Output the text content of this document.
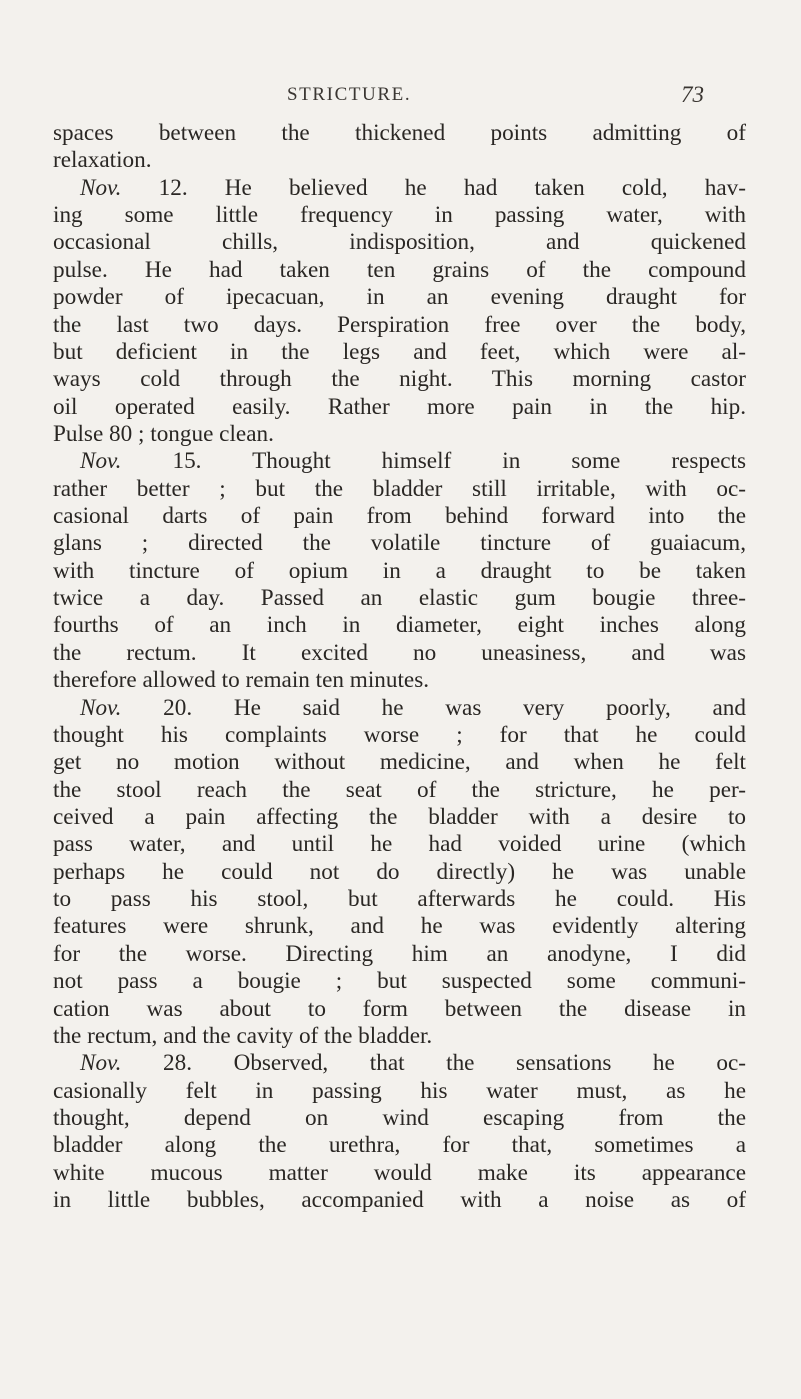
STRICTURE.	73
spaces between the thickened points admitting of
relaxation.
Nov. 12. He believed he had taken cold, hav-
ing some little frequency in passing water, with
occasional chills, indisposition, and quickened
pulse. He had taken ten grains of the compound
powder of ipecacuan, in an evening draught for
the last two days. Perspiration free over the body,
but deficient in the legs and feet, which were al-
ways cold through the night. This morning castor
oil operated easily. Rather more pain in the hip.
Pulse 80 ; tongue clean.
Nov. 15. Thought himself in some respects
rather better ; but the bladder still irritable, with oc-
casional darts of pain from behind forward into the
glans ; directed the volatile tincture of guaiacum,
with tincture of opium in a draught to be taken
twice a day. Passed an elastic gum bougie three-
fourths of an inch in diameter, eight inches along
the rectum. It excited no uneasiness, and was
therefore allowed to remain ten minutes.
Nov. 20. He said he was very poorly, and
thought his complaints worse ; for that he could
get no motion without medicine, and when he felt
the stool reach the seat of the stricture, he per-
ceived a pain affecting the bladder with a desire to
pass water, and until he had voided urine (which
perhaps he could not do directly) he was unable
to pass his stool, but afterwards he could. His
features were shrunk, and he was evidently altering
for the worse. Directing him an anodyne, I did
not pass a bougie ; but suspected some communi-
cation was about to form between the disease in
the rectum, and the cavity of the bladder.
Nov. 28. Observed, that the sensations he oc-
casionally felt in passing his water must, as he
thought, depend on wind escaping from the
bladder along the urethra, for that, sometimes a
white mucous matter would make its appearance
in little bubbles, accompanied with a noise as of
